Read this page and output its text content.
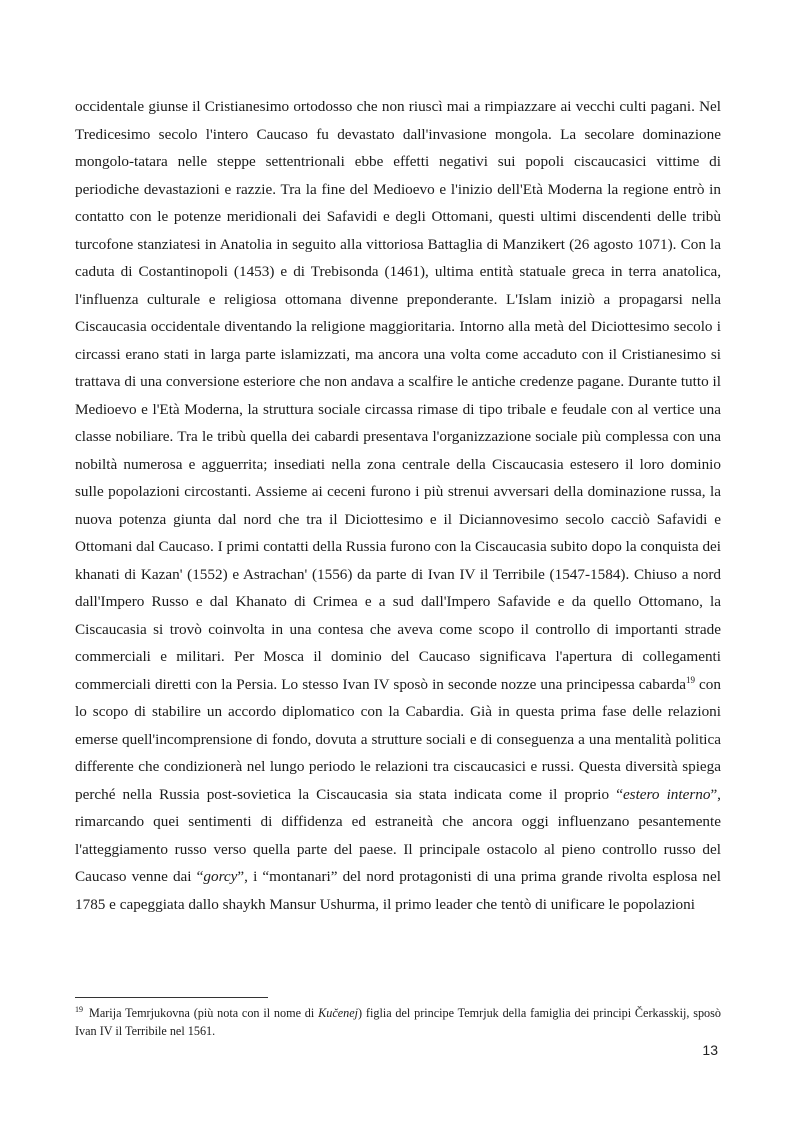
occidentale giunse il Cristianesimo ortodosso che non riuscì mai a rimpiazzare ai vecchi culti pagani. Nel Tredicesimo secolo l'intero Caucaso fu devastato dall'invasione mongola. La secolare dominazione mongolo-tatara nelle steppe settentrionali ebbe effetti negativi sui popoli ciscaucasici vittime di periodiche devastazioni e razzie. Tra la fine del Medioevo e l'inizio dell'Età Moderna la regione entrò in contatto con le potenze meridionali dei Safavidi e degli Ottomani, questi ultimi discendenti delle tribù turcofone stanziatesi in Anatolia in seguito alla vittoriosa Battaglia di Manzikert (26 agosto 1071). Con la caduta di Costantinopoli (1453) e di Trebisonda (1461), ultima entità statuale greca in terra anatolica, l'influenza culturale e religiosa ottomana divenne preponderante. L'Islam iniziò a propagarsi nella Ciscaucasia occidentale diventando la religione maggioritaria. Intorno alla metà del Diciottesimo secolo i circassi erano stati in larga parte islamizzati, ma ancora una volta come accaduto con il Cristianesimo si trattava di una conversione esteriore che non andava a scalfire le antiche credenze pagane. Durante tutto il Medioevo e l'Età Moderna, la struttura sociale circassa rimase di tipo tribale e feudale con al vertice una classe nobiliare. Tra le tribù quella dei cabardi presentava l'organizzazione sociale più complessa con una nobiltà numerosa e agguerrita; insediati nella zona centrale della Ciscaucasia estesero il loro dominio sulle popolazioni circostanti. Assieme ai ceceni furono i più strenui avversari della dominazione russa, la nuova potenza giunta dal nord che tra il Diciottesimo e il Diciannovesimo secolo cacciò Safavidi e Ottomani dal Caucaso. I primi contatti della Russia furono con la Ciscaucasia subito dopo la conquista dei khanati di Kazan' (1552) e Astrachan' (1556) da parte di Ivan IV il Terribile (1547-1584). Chiuso a nord dall'Impero Russo e dal Khanato di Crimea e a sud dall'Impero Safavide e da quello Ottomano, la Ciscaucasia si trovò coinvolta in una contesa che aveva come scopo il controllo di importanti strade commerciali e militari. Per Mosca il dominio del Caucaso significava l'apertura di collegamenti commerciali diretti con la Persia. Lo stesso Ivan IV sposò in seconde nozze una principessa cabarda$^{19}$ con lo scopo di stabilire un accordo diplomatico con la Cabardia. Già in questa prima fase delle relazioni emerse quell'incomprensione di fondo, dovuta a strutture sociali e di conseguenza a una mentalità politica differente che condizionerà nel lungo periodo le relazioni tra ciscaucasici e russi. Questa diversità spiega perché nella Russia post-sovietica la Ciscaucasia sia stata indicata come il proprio “estero interno”, rimarcando quei sentimenti di diffidenza ed estraneità che ancora oggi influenzano pesantemente l'atteggiamento russo verso quella parte del paese. Il principale ostacolo al pieno controllo russo del Caucaso venne dai “gorcy”, i “montanari” del nord protagonisti di una prima grande rivolta esplosa nel 1785 e capeggiata dallo shaykh Mansur Ushurma, il primo leader che tentò di unificare le popolazioni

$^{19}$ Marija Temrjukovna (più nota con il nome di Kučenej) figlia del principe Temrjuk della famiglia dei principi Čerkasskij, sposò Ivan IV il Terribile nel 1561.

13
